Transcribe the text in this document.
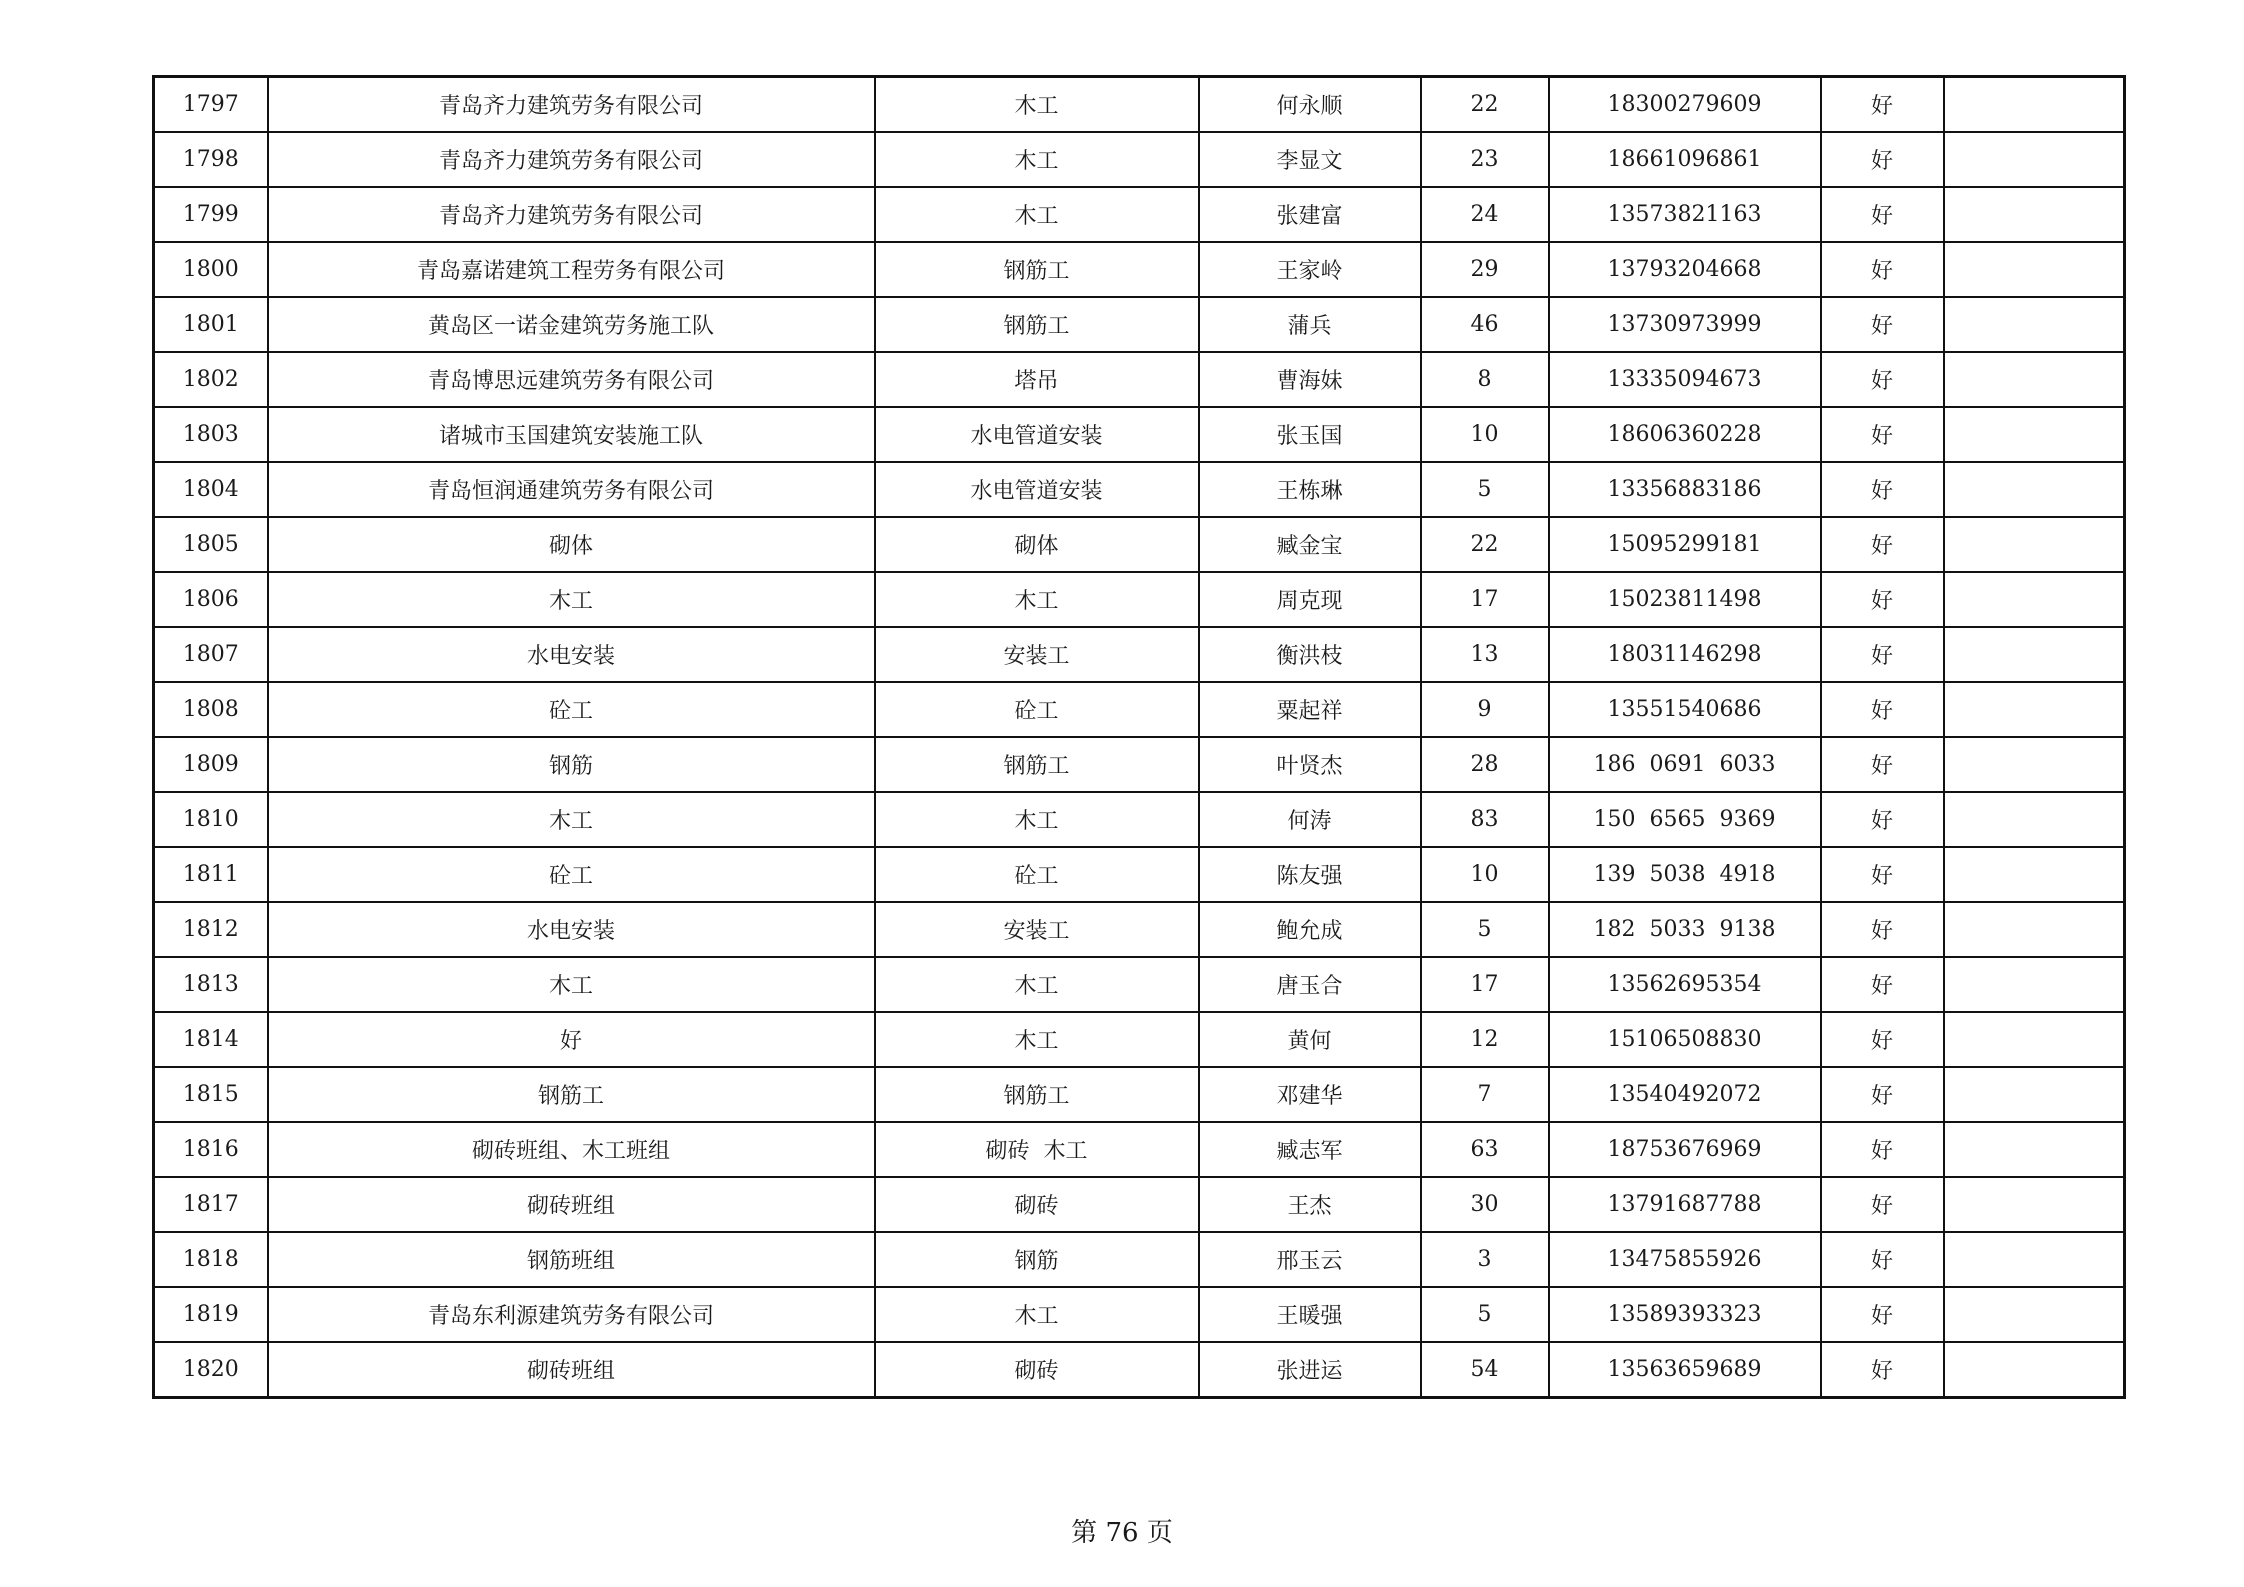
1797	青岛齐力建筑劳务有限公司	木工	何永顺	22	18300279609	好	
1798	青岛齐力建筑劳务有限公司	木工	李显文	23	18661096861	好	
1799	青岛齐力建筑劳务有限公司	木工	张建富	24	13573821163	好	
1800	青岛嘉诺建筑工程劳务有限公司	钢筋工	王家岭	29	13793204668	好	
1801	黄岛区一诺金建筑劳务施工队	钢筋工	蒲兵	46	13730973999	好	
1802	青岛博思远建筑劳务有限公司	塔吊	曹海妹	8	13335094673	好	
1803	诸城市玉国建筑安装施工队	水电管道安装	张玉国	10	18606360228	好	
1804	青岛恒润通建筑劳务有限公司	水电管道安装	王栋琳	5	13356883186	好	
1805	砌体	砌体	臧金宝	22	15095299181	好	
1806	木工	木工	周克现	17	15023811498	好	
1807	水电安装	安装工	衡洪枝	13	18031146298	好	
1808	砼工	砼工	粟起祥	9	13551540686	好	
1809	钢筋	钢筋工	叶贤杰	28	186  0691  6033	好	
1810	木工	木工	何涛	83	150  6565  9369	好	
1811	砼工	砼工	陈友强	10	139  5038  4918	好	
1812	水电安装	安装工	鲍允成	5	182  5033  9138	好	
1813	木工	木工	唐玉合	17	13562695354	好	
1814	好	木工	黄何	12	15106508830	好	
1815	钢筋工	钢筋工	邓建华	7	13540492072	好	
1816	砌砖班组、木工班组	砌砖  木工	臧志军	63	18753676969	好	
1817	砌砖班组	砌砖	王杰	30	13791687788	好	
1818	钢筋班组	钢筋	邢玉云	3	13475855926	好	
1819	青岛东利源建筑劳务有限公司	木工	王暖强	5	13589393323	好	
1820	砌砖班组	砌砖	张进运	54	13563659689	好	
第 76 页
